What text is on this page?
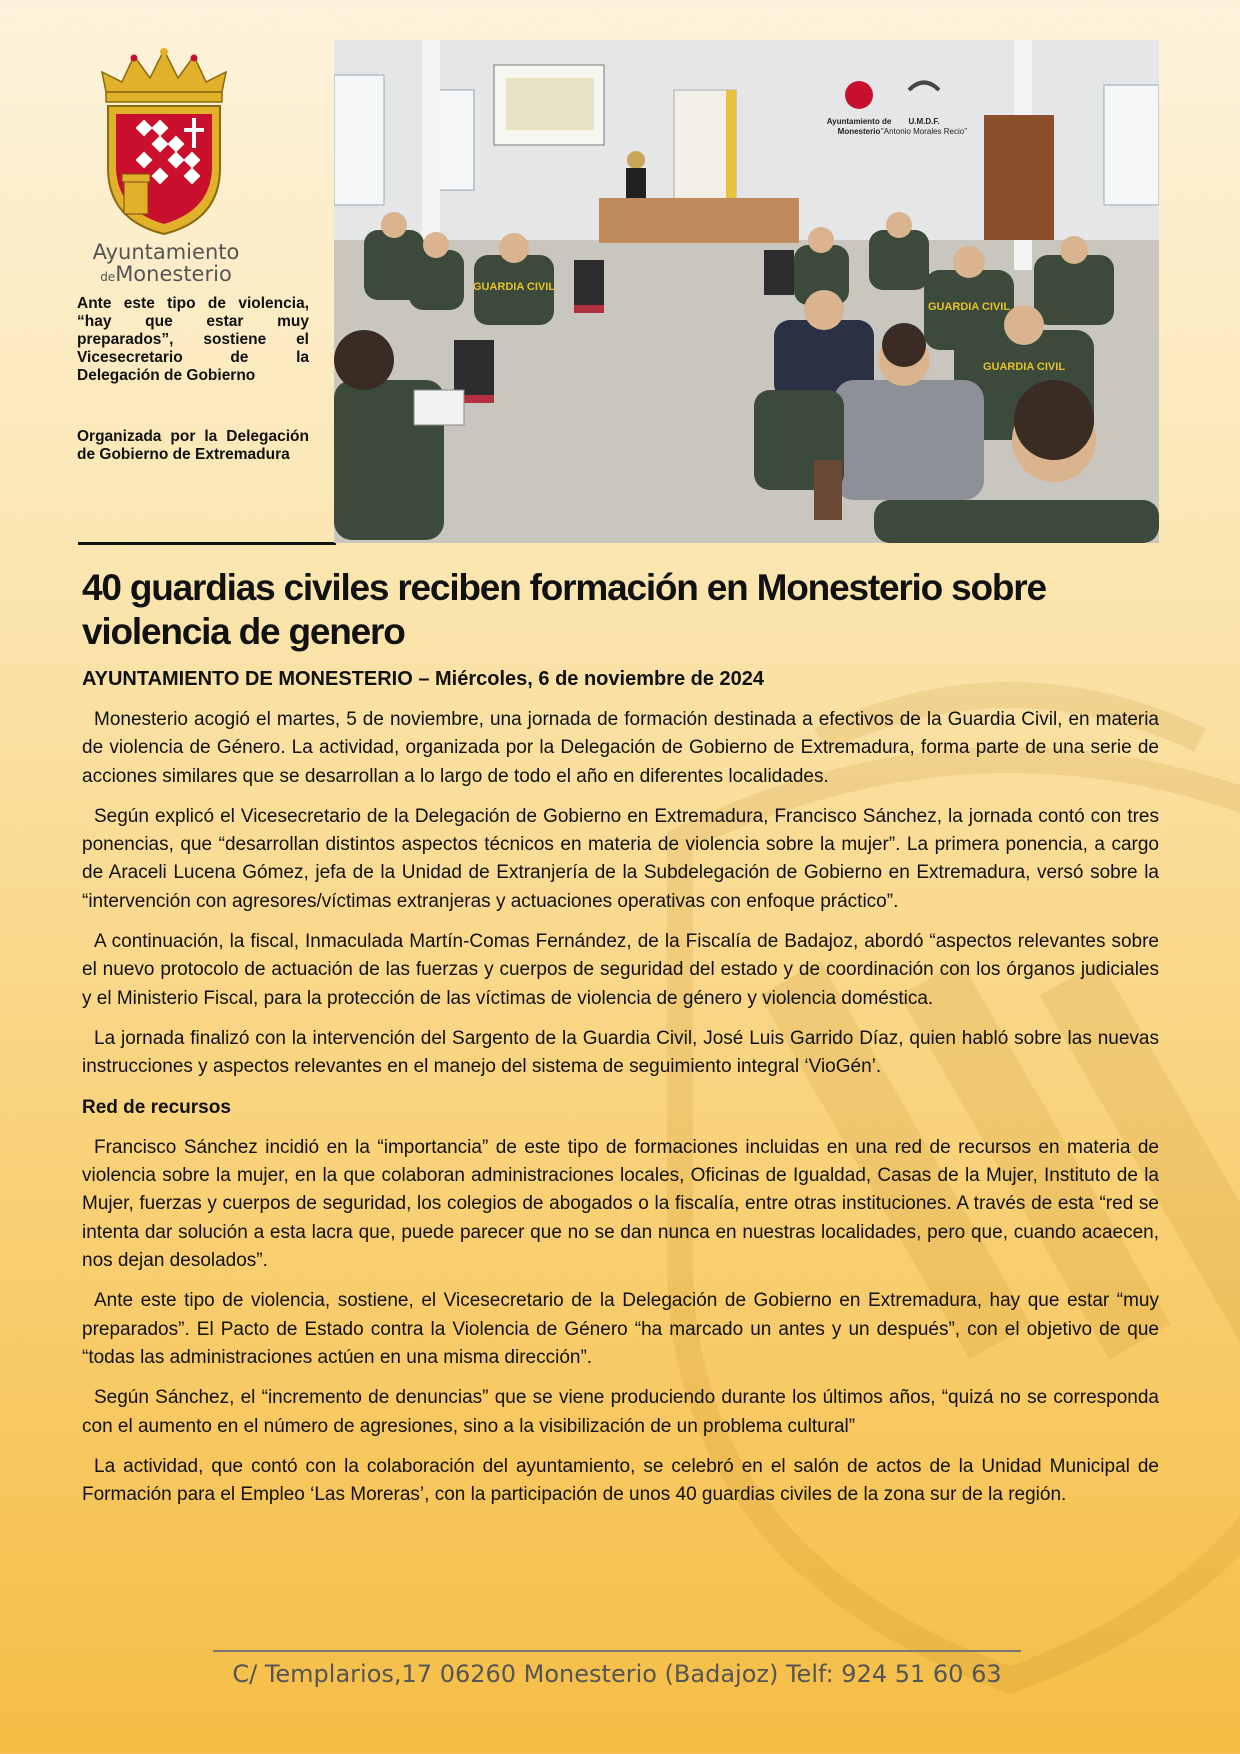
Ayuntamiento
deMonesterio
Ante este tipo de violencia, “hay que estar muy preparados”, sostiene el Vicesecretario de la Delegación de Gobierno
Organizada por la Delegación de Gobierno de Extremadura
Ayuntamiento de
Monesterio
U.M.D.F.
"Antonio Morales Recio"
GUARDIA CIVIL
GUARDIA CIVIL
GUARDIA CIVIL
40 guardias civiles reciben formación en Monesterio sobre violencia de genero
AYUNTAMIENTO DE MONESTERIO – Miércoles, 6 de noviembre de 2024

Monesterio acogió el martes, 5 de noviembre, una jornada de formación destinada a efectivos de la Guardia Civil, en materia de violencia de Género. La actividad, organizada por la Delegación de Gobierno de Extremadura, forma parte de una serie de acciones similares que se desarrollan a lo largo de todo el año en diferentes localidades.

Según explicó el Vicesecretario de la Delegación de Gobierno en Extremadura, Francisco Sánchez, la jornada contó con tres ponencias, que “desarrollan distintos aspectos técnicos en materia de violencia sobre la mujer”. La primera ponencia, a cargo de Araceli Lucena Gómez, jefa de la Unidad de Extranjería de la Subdelegación de Gobierno en Extremadura, versó sobre la “intervención con agresores/víctimas extranjeras y actuaciones operativas con enfoque práctico”.

A continuación, la fiscal, Inmaculada Martín-Comas Fernández, de la Fiscalía de Badajoz, abordó “aspectos relevantes sobre el nuevo protocolo de actuación de las fuerzas y cuerpos de seguridad del estado y de coordinación con los órganos judiciales y el Ministerio Fiscal, para la protección de las víctimas de violencia de género y violencia doméstica.

La jornada finalizó con la intervención del Sargento de la Guardia Civil, José Luis Garrido Díaz, quien habló sobre las nuevas instrucciones y aspectos relevantes en el manejo del sistema de seguimiento integral ‘VioGén’.

Red de recursos

Francisco Sánchez incidió en la “importancia” de este tipo de formaciones incluidas en una red de recursos en materia de violencia sobre la mujer, en la que colaboran administraciones locales, Oficinas de Igualdad, Casas de la Mujer, Instituto de la Mujer, fuerzas y cuerpos de seguridad, los colegios de abogados o la fiscalía, entre otras instituciones. A través de esta “red se intenta dar solución a esta lacra que, puede parecer que no se dan nunca en nuestras localidades, pero que, cuando acaecen, nos dejan desolados”.

Ante este tipo de violencia, sostiene, el Vicesecretario de la Delegación de Gobierno en Extremadura, hay que estar “muy preparados”. El Pacto de Estado contra la Violencia de Género “ha marcado un antes y un después”, con el objetivo de que “todas las administraciones actúen en una misma dirección”.

Según Sánchez, el “incremento de denuncias” que se viene produciendo durante los últimos años, “quizá no se corresponda con el aumento en el número de agresiones, sino a la visibilización de un problema cultural”

La actividad, que contó con la colaboración del ayuntamiento, se celebró en el salón de actos de la Unidad Municipal de Formación para el Empleo ‘Las Moreras’, con la participación de unos 40 guardias civiles de la zona sur de la región.

C/ Templarios,17 06260 Monesterio (Badajoz) Telf: 924 51 60 63
